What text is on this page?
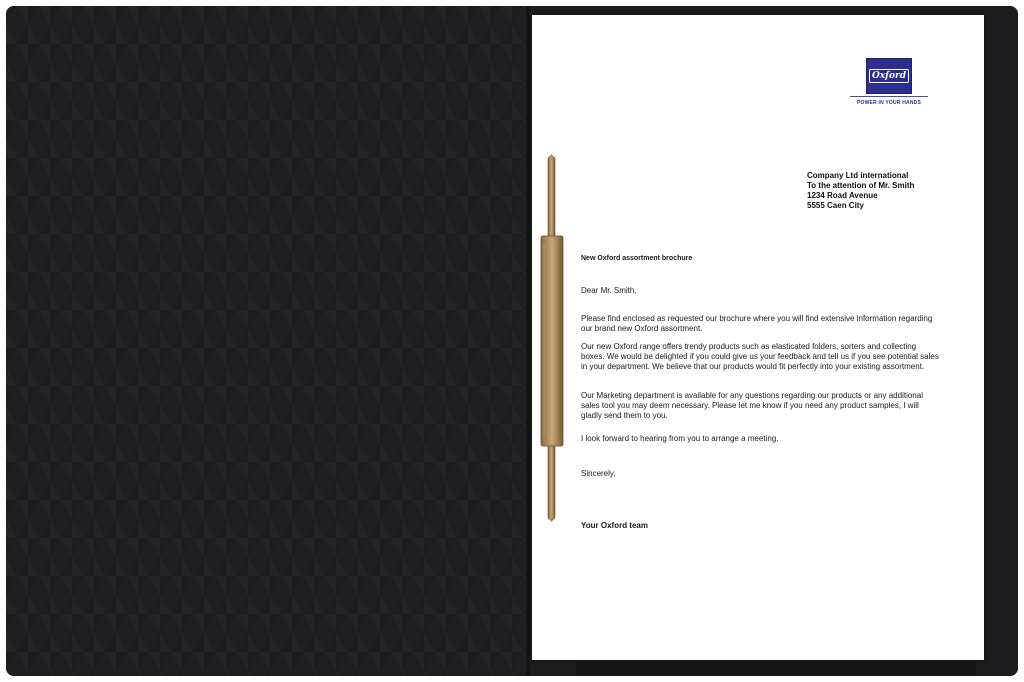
Oxford
POWER IN YOUR HANDS
Company Ltd international
To the attention of Mr. Smith
1234 Road Avenue
5555 Caen City
New Oxford assortment brochure
Dear Mr. Smith,
Please find enclosed as requested our brochure where you will find extensive information regarding our brand new Oxford assortment.
Our new Oxford range offers trendy products such as elasticated folders, sorters and collecting boxes. We would be delighted if you could give us your feedback and tell us if you see potential sales in your department. We believe that our products would fit perfectly into your existing assortment.
Our Marketing department is available for any questions regarding our products or any additional sales tool you may deem necessary. Please let me know if you need any product samples, I will gladly send them to you.
I look forward to hearing from you to arrange a meeting.
Sincerely,
Your Oxford team
